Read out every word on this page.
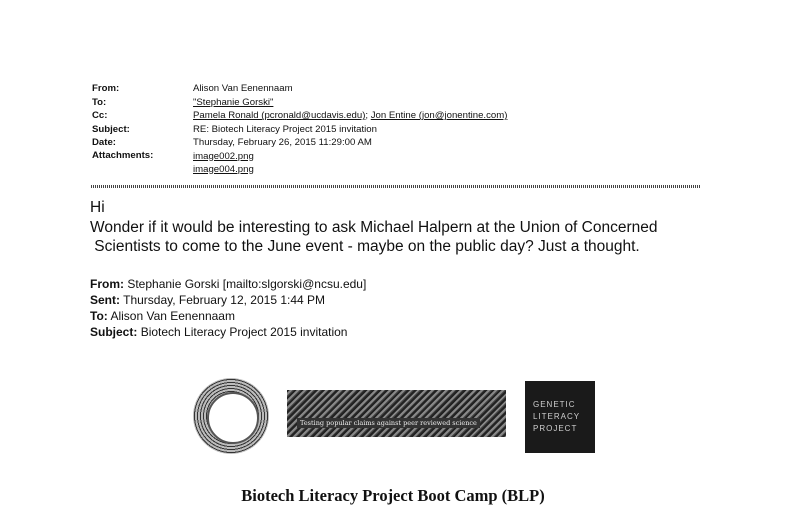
From:	Alison Van Eenennaam
To:	"Stephanie Gorski"
Cc:	Pamela Ronald (pcronald@ucdavis.edu); Jon Entine (jon@jonentine.com)
Subject:	RE: Biotech Literacy Project 2015 invitation
Date:	Thursday, February 26, 2015 11:29:00 AM
Attachments:	image002.png
image004.png
Hi
Wonder if it would be interesting to ask Michael Halpern at the Union of Concerned
Scientists to come to the June event - maybe on the public day? Just a thought.
From: Stephanie Gorski [mailto:slgorski@ncsu.edu]
Sent: Thursday, February 12, 2015 1:44 PM
To: Alison Van Eenennaam
Subject: Biotech Literacy Project 2015 invitation
Testing popular claims against peer reviewed science
GENETIC
LITERACY
PROJECT
Biotech Literacy Project Boot Camp (BLP)
